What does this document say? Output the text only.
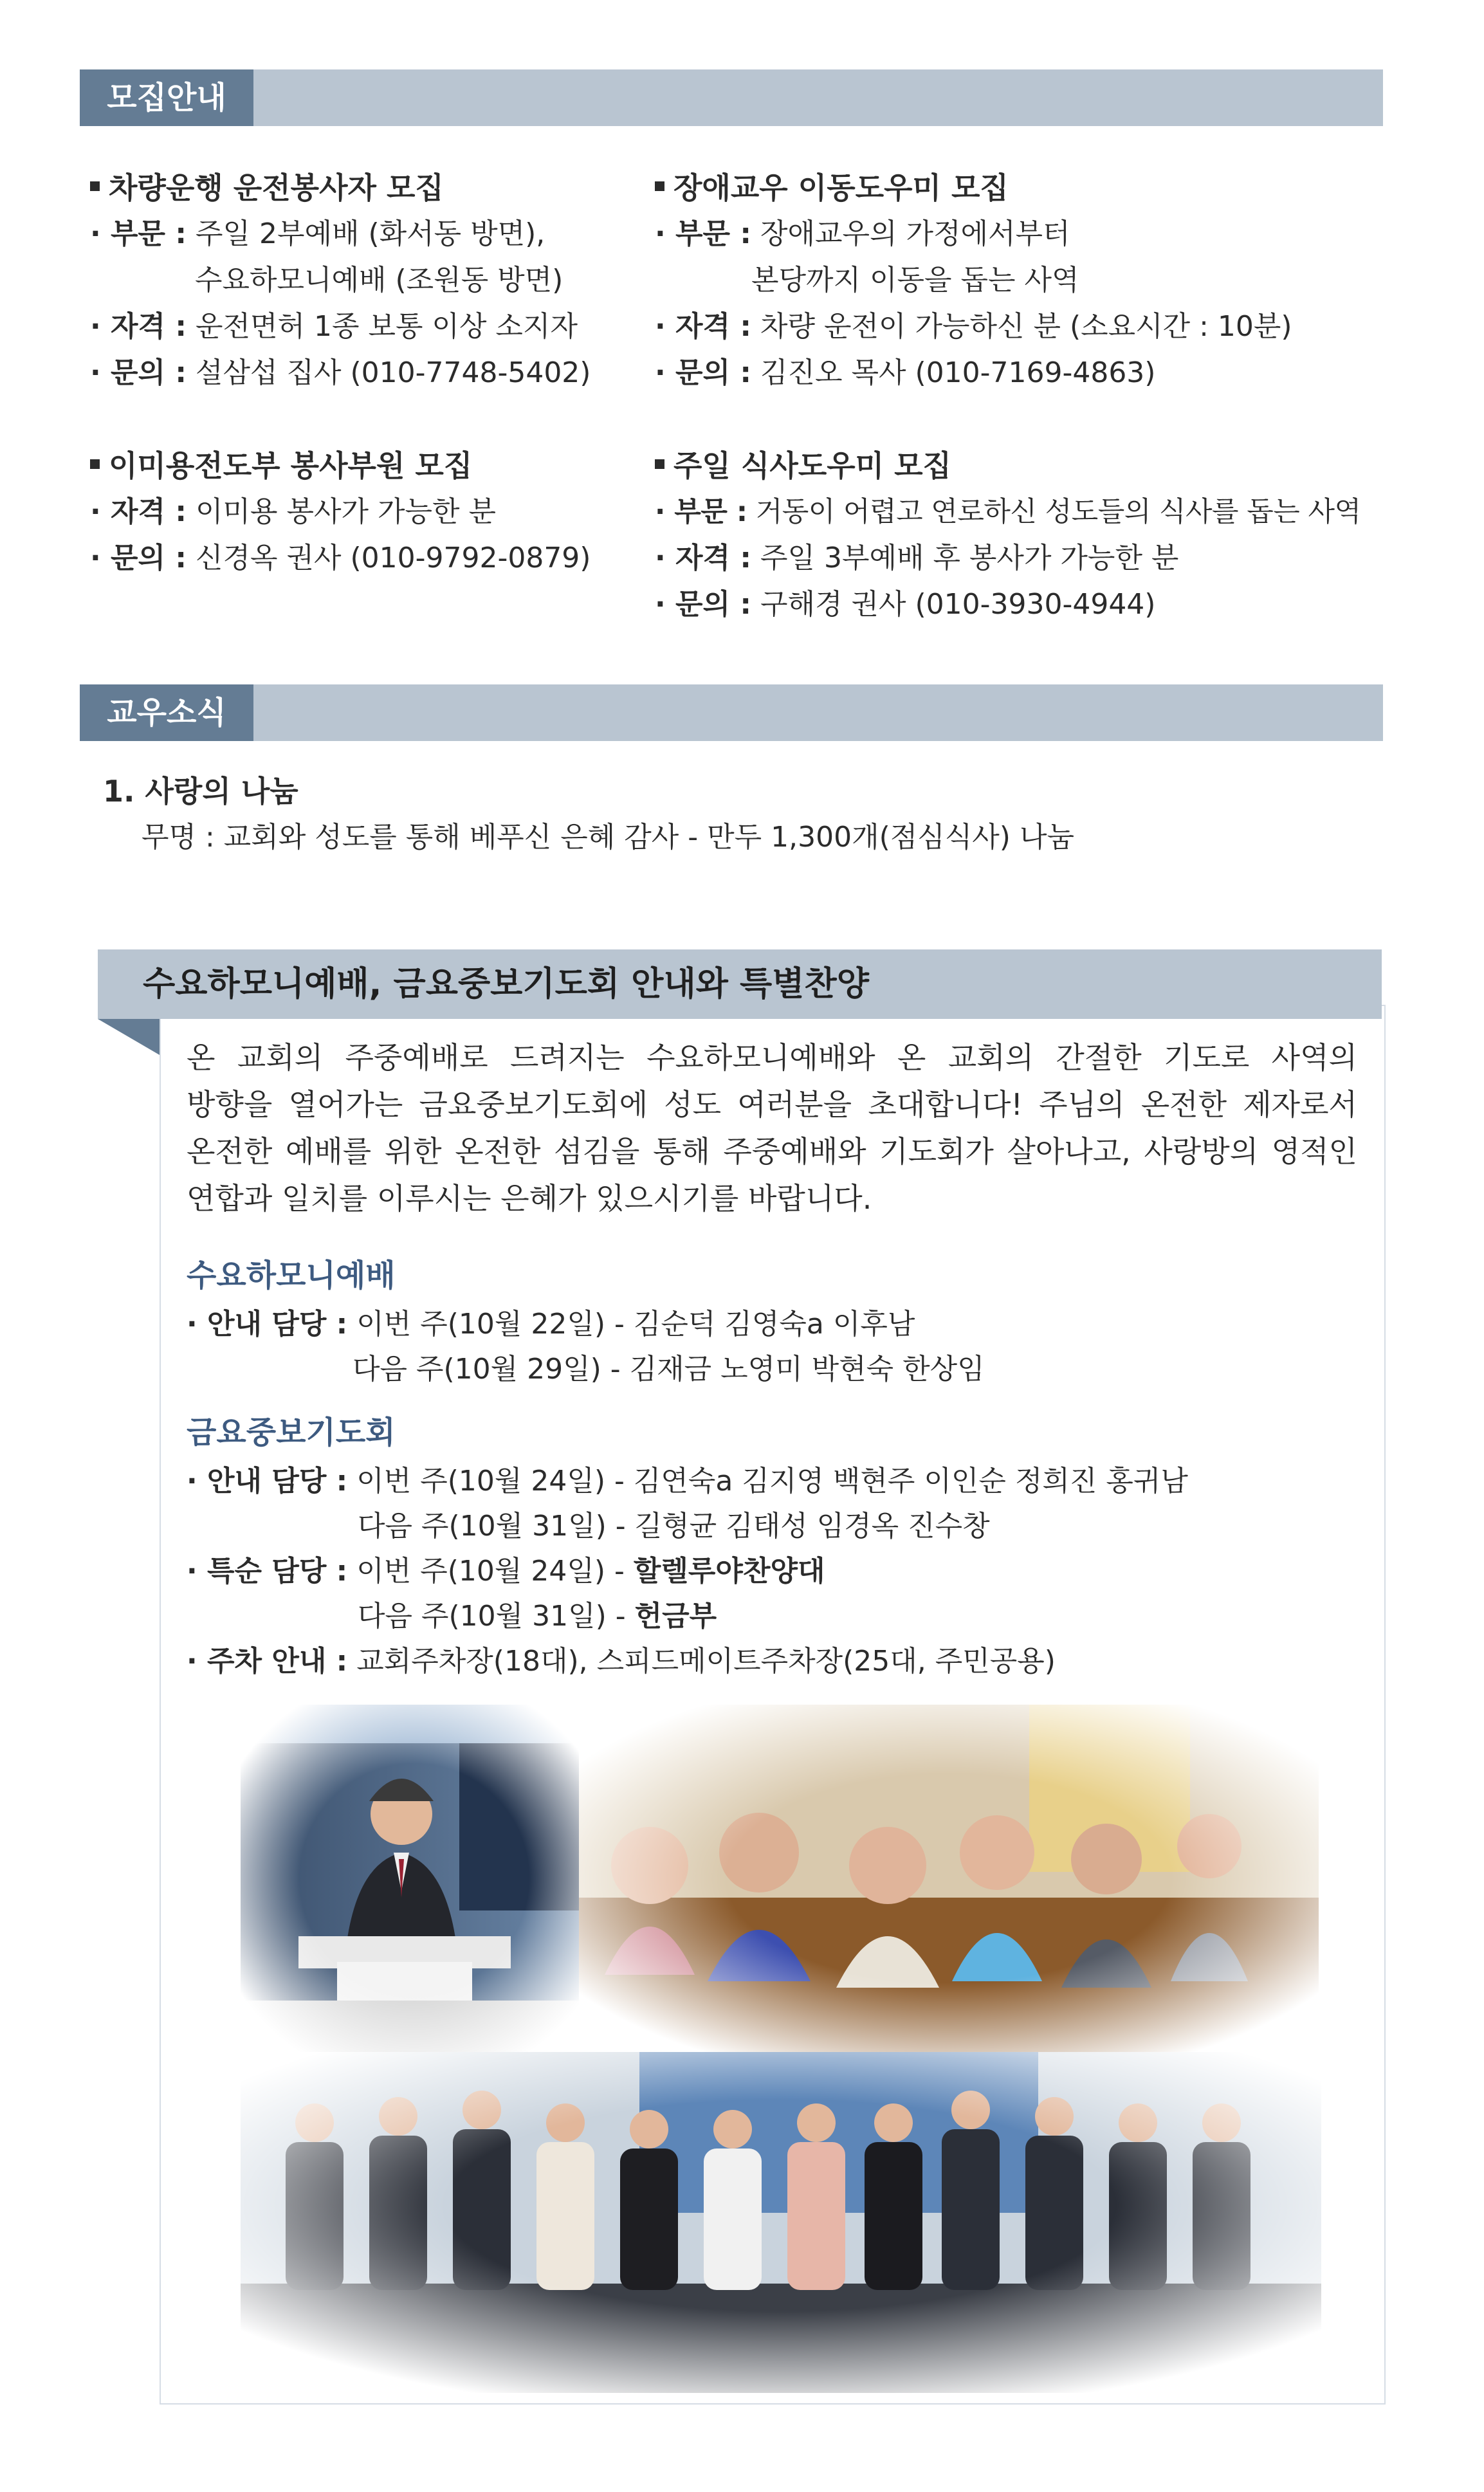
모집안내
차량운행 운전봉사자 모집
· 부문 : 주일 2부예배 (화서동 방면),
수요하모니예배 (조원동 방면)
· 자격 : 운전면허 1종 보통 이상 소지자
· 문의 : 설삼섭 집사 (010-7748-5402)
장애교우 이동도우미 모집
· 부문 : 장애교우의 가정에서부터
본당까지 이동을 돕는 사역
· 자격 : 차량 운전이 가능하신 분 (소요시간 : 10분)
· 문의 : 김진오 목사 (010-7169-4863)
이미용전도부 봉사부원 모집
· 자격 : 이미용 봉사가 가능한 분
· 문의 : 신경옥 권사 (010-9792-0879)
주일 식사도우미 모집
· 부문 : 거동이 어렵고 연로하신 성도들의 식사를 돕는 사역
· 자격 : 주일 3부예배 후 봉사가 가능한 분
· 문의 : 구해경 권사 (010-3930-4944)
교우소식
1. 사랑의 나눔
무명 : 교회와 성도를 통해 베푸신 은혜 감사 - 만두 1,300개(점심식사) 나눔
수요하모니예배, 금요중보기도회 안내와 특별찬양
온 교회의 주중예배로 드려지는 수요하모니예배와 온 교회의 간절한 기도로 사역의
방향을 열어가는 금요중보기도회에 성도 여러분을 초대합니다! 주님의 온전한 제자로서
온전한 예배를 위한 온전한 섬김을 통해 주중예배와 기도회가 살아나고, 사랑방의 영적인
연합과 일치를 이루시는 은혜가 있으시기를 바랍니다.
수요하모니예배
· 안내 담당 : 이번 주(10월 22일) - 김순덕 김영숙a 이후남
다음 주(10월 29일) - 김재금 노영미 박현숙 한상임
금요중보기도회
· 안내 담당 : 이번 주(10월 24일) - 김연숙a 김지영 백현주 이인순 정희진 홍귀남
다음 주(10월 31일) - 길형균 김태성 임경옥 진수창
· 특순 담당 : 이번 주(10월 24일) - 할렐루야찬양대
다음 주(10월 31일) - 헌금부
· 주차 안내 : 교회주차장(18대), 스피드메이트주차장(25대, 주민공용)
